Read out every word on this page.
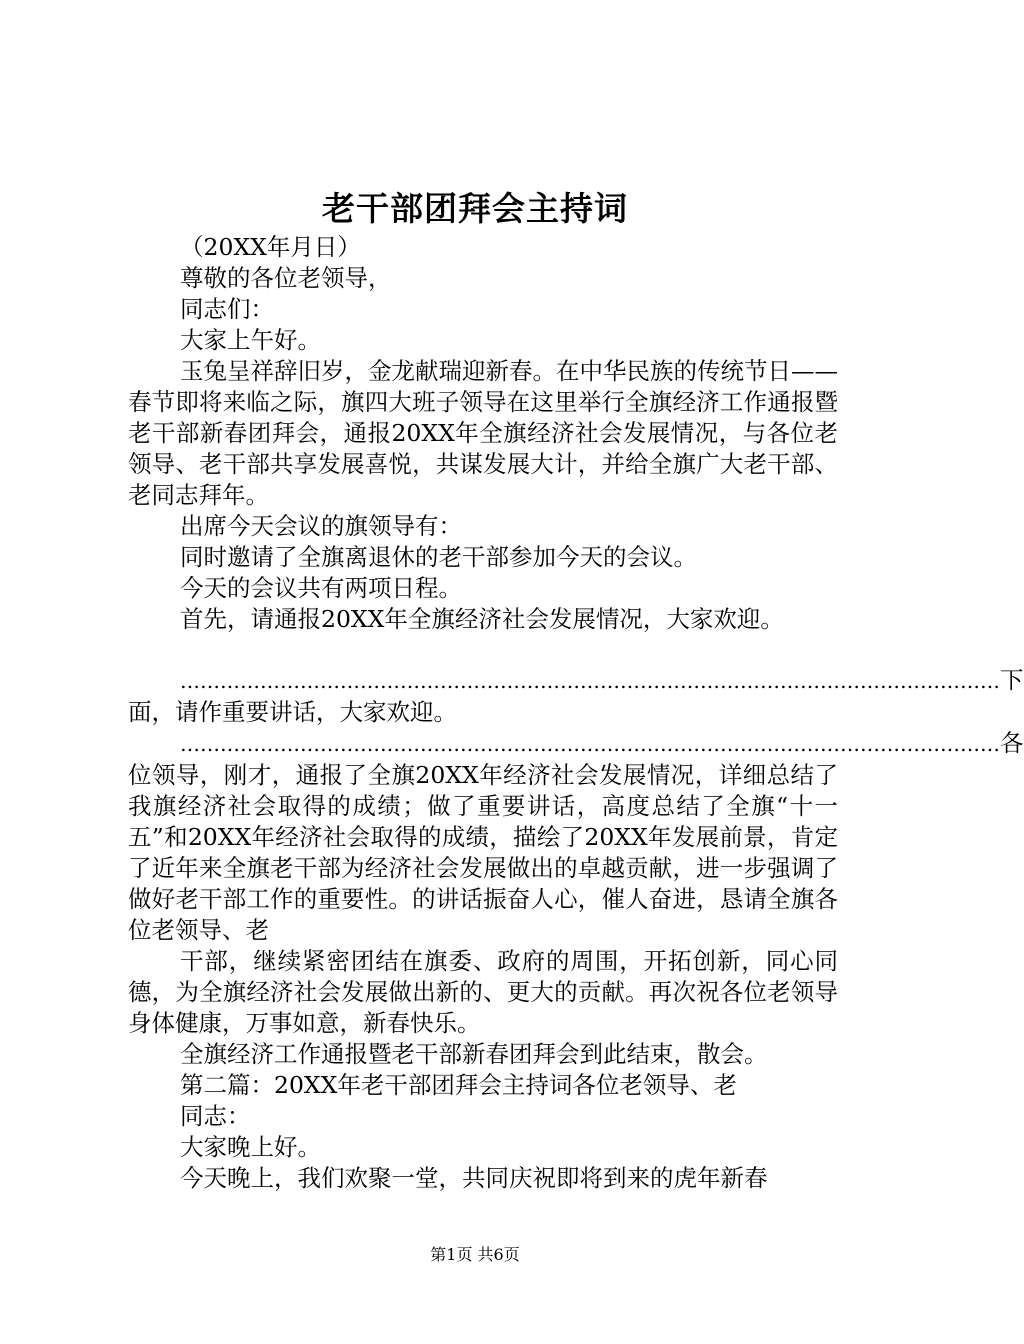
老干部团拜会主持词

（20XX年月日）

尊敬的各位老领导，

同志们：

大家上午好。

玉兔呈祥辞旧岁，金龙献瑞迎新春。在中华民族的传统节日——春节即将来临之际，旗四大班子领导在这里举行全旗经济工作通报暨老干部新春团拜会，通报20XX年全旗经济社会发展情况，与各位老领导、老干部共享发展喜悦，共谋发展大计，并给全旗广大老干部、老同志拜年。

出席今天会议的旗领导有：

同时邀请了全旗离退休的老干部参加今天的会议。

今天的会议共有两项日程。

首先，请通报20XX年全旗经济社会发展情况，大家欢迎。

…………………………………………………………………………………………………………… 下

面，请作重要讲话，大家欢迎。

…………………………………………………………………………………………………………… 各

位领导，刚才，通报了全旗20XX年经济社会发展情况，详细总结了我旗经济社会取得的成绩；做了重要讲话，高度总结了全旗“十一五”和20XX年经济社会取得的成绩，描绘了20XX年发展前景，肯定了近年来全旗老干部为经济社会发展做出的卓越贡献，进一步强调了做好老干部工作的重要性。的讲话振奋人心，催人奋进，恳请全旗各位老领导、老

干部，继续紧密团结在旗委、政府的周围，开拓创新，同心同德，为全旗经济社会发展做出新的、更大的贡献。再次祝各位老领导身体健康，万事如意，新春快乐。

全旗经济工作通报暨老干部新春团拜会到此结束，散会。

第二篇：20XX年老干部团拜会主持词各位老领导、老

同志：

大家晚上好。

今天晚上，我们欢聚一堂，共同庆祝即将到来的虎年新春

第1页 共6页
